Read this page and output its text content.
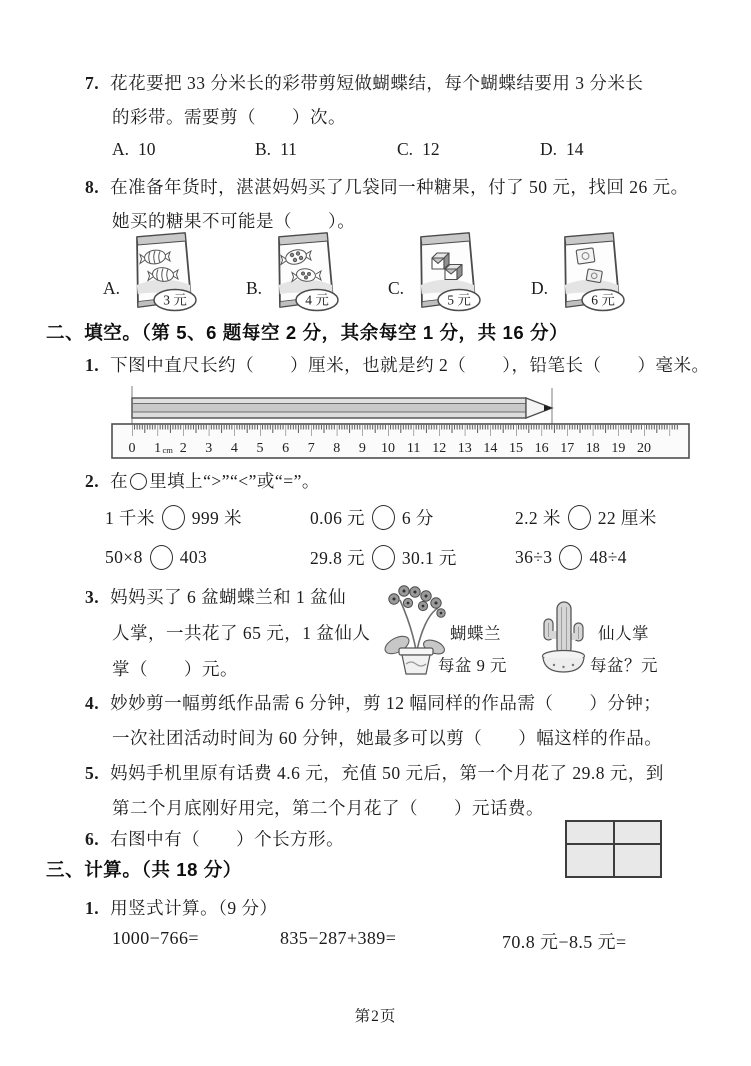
7. 花花要把 33 分米长的彩带剪短做蝴蝶结，每个蝴蝶结要用 3 分米长
的彩带。需要剪（　　）次。
A. 10	B. 11	C. 12	D. 14
8. 在准备年货时，湛湛妈妈买了几袋同一种糖果，付了 50 元，找回 26 元。
她买的糖果不可能是（　　）。
A.
3 元
B.
4 元
C.
5 元
D.
6 元
二、填空。（第 5、6 题每空 2 分，其余每空 1 分，共 16 分）
1. 下图中直尺长约（　　）厘米，也就是约 2（　　），铅笔长（　　）毫米。
0 1 cm 2 3 4 5 6 7 8 9 10 11 12 13 14 15 16 17 18 19 20
2. 在 里填上“>”“<”或“=”。
1 千米 999 米	0.06 元 6 分	2.2 米 22 厘米
50×8 403	29.8 元 30.1 元	36÷3 48÷4
3. 妈妈买了 6 盆蝴蝶兰和 1 盆仙
人掌，一共花了 65 元，1 盆仙人
掌（　　）元。
蝴蝶兰
每盆 9 元
仙人掌
每盆？元
4. 妙妙剪一幅剪纸作品需 6 分钟，剪 12 幅同样的作品需（　　）分钟；
一次社团活动时间为 60 分钟，她最多可以剪（　　）幅这样的作品。
5. 妈妈手机里原有话费 4.6 元，充值 50 元后，第一个月花了 29.8 元，到
第二个月底刚好用完，第二个月花了（　　）元话费。
6. 右图中有（　　）个长方形。
三、计算。（共 18 分）
1. 用竖式计算。（9 分）
1000−766=	835−287+389=	70.8 元−8.5 元=
第2页
